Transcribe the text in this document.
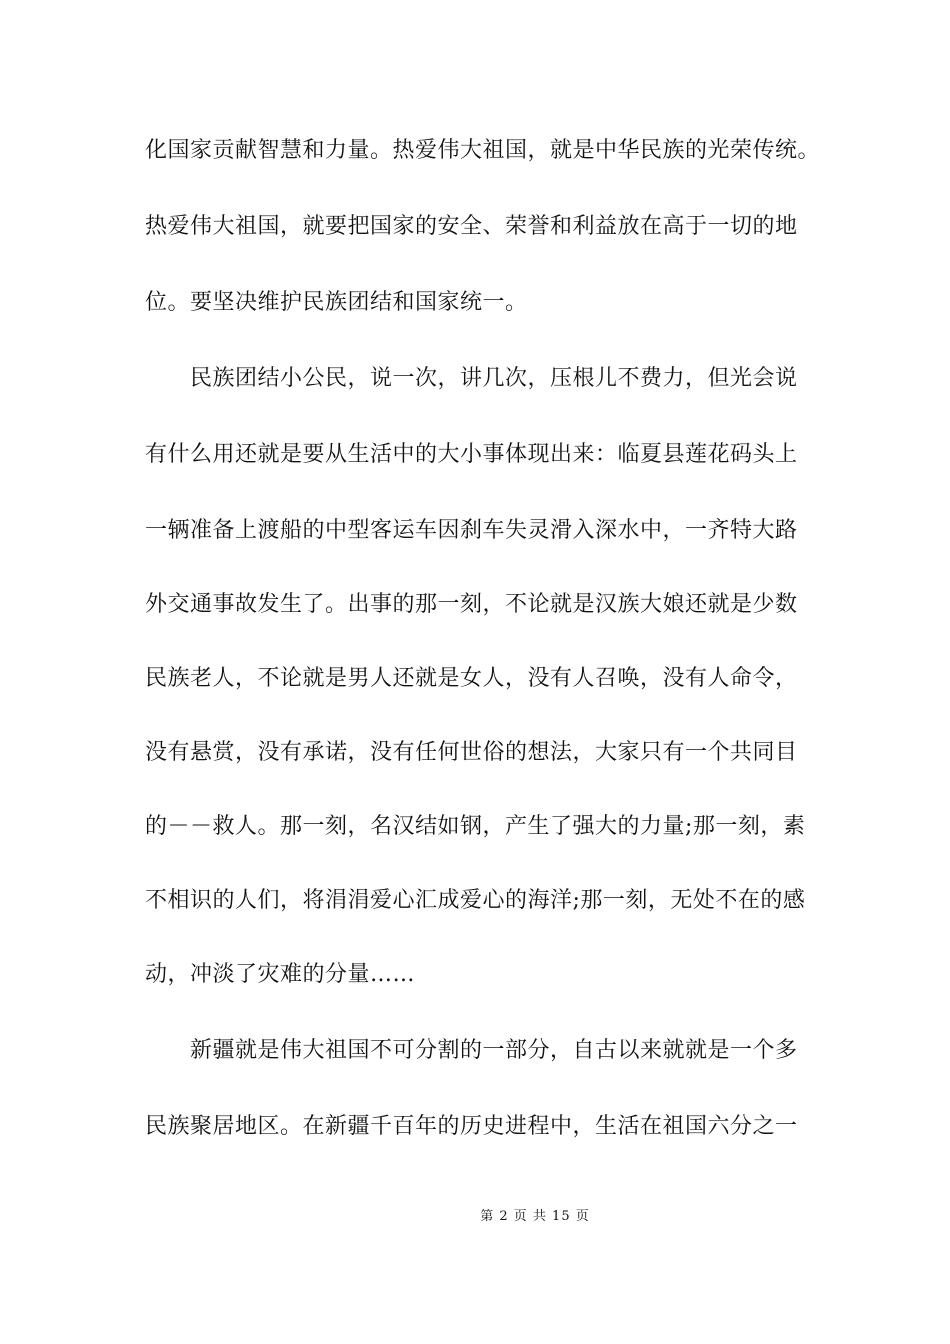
化国家贡献智慧和力量。热爱伟大祖国，就是中华民族的光荣传统。
热爱伟大祖国，就要把国家的安全、荣誉和利益放在高于一切的地
位。要坚决维护民族团结和国家统一。
　　民族团结小公民，说一次，讲几次，压根儿不费力，但光会说
有什么用还就是要从生活中的大小事体现出来：临夏县莲花码头上
一辆准备上渡船的中型客运车因刹车失灵滑入深水中，一齐特大路
外交通事故发生了。出事的那一刻，不论就是汉族大娘还就是少数
民族老人，不论就是男人还就是女人，没有人召唤，没有人命令，
没有悬赏，没有承诺，没有任何世俗的想法，大家只有一个共同目
的－－救人。那一刻，名汉结如钢，产生了强大的力量;那一刻，素
不相识的人们，将涓涓爱心汇成爱心的海洋;那一刻，无处不在的感
动，冲淡了灾难的分量……
　　新疆就是伟大祖国不可分割的一部分，自古以来就就是一个多
民族聚居地区。在新疆千百年的历史进程中，生活在祖国六分之一
第 2 页 共 15 页
